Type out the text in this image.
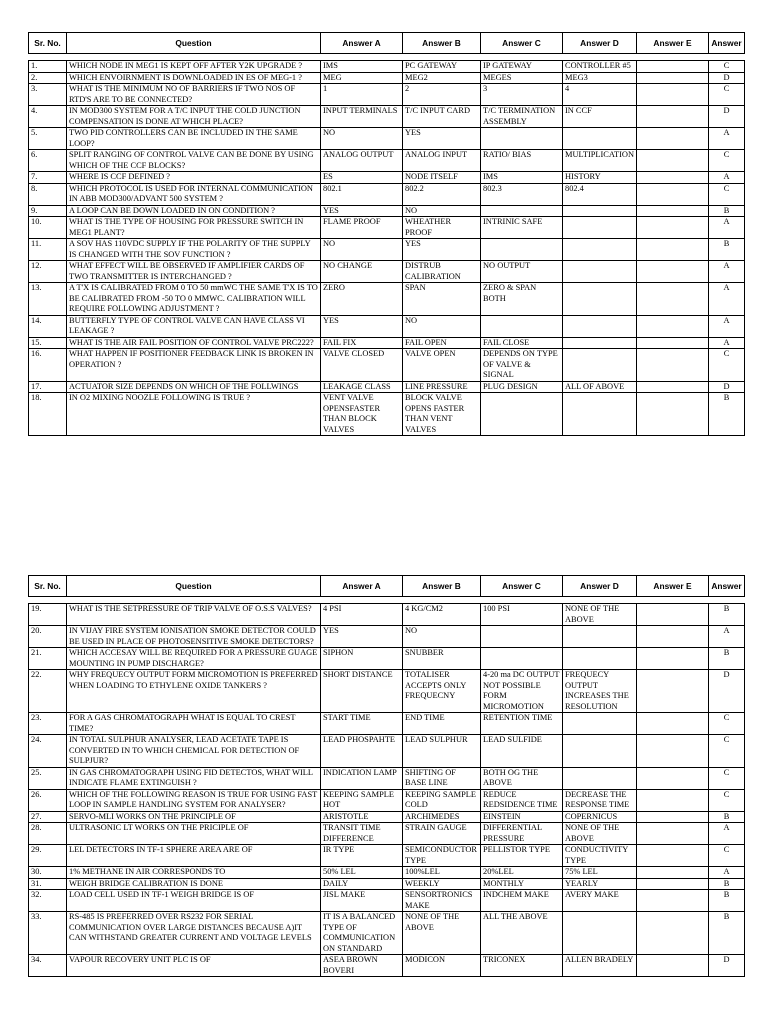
Sr. No.	Question	Answer A	Answer B	Answer C	Answer D	Answer E	Answer

1.	WHICH NODE IN MEG1 IS KEPT OFF AFTER Y2K UPGRADE ?	IMS	PC GATEWAY	IP GATEWAY	CONTROLLER #5		C
2.	WHICH ENVOIRNMENT IS DOWNLOADED IN ES OF MEG-1 ?	MEG	MEG2	MEGES	MEG3		D
3.	WHAT IS THE MINIMUM NO OF BARRIERS IF TWO NOS OF RTD'S ARE TO BE CONNECTED?	1	2	3	4		C
4.	IN MOD300 SYSTEM FOR A T/C INPUT THE COLD JUNCTION COMPENSATION IS DONE AT WHICH PLACE?	INPUT TERMINALS	T/C INPUT CARD	T/C TERMINATION ASSEMBLY	IN CCF		D
5.	TWO PID CONTROLLERS CAN BE INCLUDED IN THE SAME LOOP?	NO	YES				A
6.	SPLIT RANGING OF CONTROL VALVE CAN BE DONE BY USING WHICH OF THE CCF BLOCKS?	ANALOG OUTPUT	ANALOG INPUT	RATIO/ BIAS	MULTIPLICATION		C
7.	WHERE IS CCF DEFINED ?	ES	NODE ITSELF	IMS	HISTORY		A
8.	WHICH PROTOCOL IS USED FOR INTERNAL COMMUNICATION IN ABB MOD300/ADVANT 500 SYSTEM ?	802.1	802.2	802.3	802.4		C
9.	A LOOP CAN BE DOWN LOADED IN ON CONDITION ?	YES	NO				B
10.	WHAT IS THE TYPE OF HOUSING FOR PRESSURE SWITCH IN MEG1 PLANT?	FLAME PROOF	WHEATHER PROOF	INTRINIC SAFE			A
11.	A SOV HAS 110VDC SUPPLY IF THE POLARITY OF THE SUPPLY IS CHANGED WITH THE SOV FUNCTION ?	NO	YES				B
12.	WHAT EFFECT WILL BE OBSERVED IF AMPLIFIER CARDS OF TWO TRANSMITTER IS INTERCHANGED ?	NO CHANGE	DISTRUB CALIBRATION	NO OUTPUT			A
13.	A T'X IS CALIBRATED FROM 0 TO 50 mmWC THE SAME T'X IS TO BE CALIBRATED FROM -50 TO 0 MMWC. CALIBRATION WILL REQUIRE FOLLOWING ADJUSTMENT ?	ZERO	SPAN	ZERO & SPAN BOTH			A
14.	BUTTERFLY TYPE OF CONTROL VALVE CAN HAVE CLASS VI LEAKAGE ?	YES	NO				A
15.	WHAT IS THE AIR FAIL POSITION OF CONTROL VALVE PRC222?	FAIL FIX	FAIL OPEN	FAIL CLOSE			A
16.	WHAT HAPPEN IF POSITIONER FEEDBACK LINK IS BROKEN IN OPERATION ?	VALVE CLOSED	VALVE OPEN	DEPENDS ON TYPE OF VALVE & SIGNAL			C
17.	ACTUATOR SIZE DEPENDS ON WHICH OF THE FOLLWINGS	LEAKAGE CLASS	LINE PRESSURE	PLUG DESIGN	ALL OF ABOVE		D
18.	IN O2 MIXING NOOZLE FOLLOWING IS TRUE ?	VENT VALVE OPENSFASTER THAN BLOCK VALVES	BLOCK VALVE OPENS FASTER THAN VENT VALVES				B
Sr. No.	Question	Answer A	Answer B	Answer C	Answer D	Answer E	Answer

19.	WHAT IS THE SETPRESSURE OF TRIP VALVE OF O.S.S VALVES?	4 PSI	4 KG/CM2	100 PSI	NONE OF THE ABOVE		B
20.	IN VIJAY FIRE SYSTEM IONISATION SMOKE DETECTOR COULD BE USED IN PLACE OF PHOTOSENSITIVE SMOKE DETECTORS?	YES	NO				A
21.	WHICH ACCESAY WILL BE REQUIRED FOR A PRESSURE GUAGE MOUNTING IN PUMP DISCHARGE?	SIPHON	SNUBBER				B
22.	WHY FREQUECY OUTPUT FORM MICROMOTION IS PREFERRED WHEN LOADING TO ETHYLENE OXIDE TANKERS ?	SHORT DISTANCE	TOTALISER ACCEPTS ONLY FREQUECNY	4-20 ma DC OUTPUT NOT POSSIBLE FORM MICROMOTION	FREQUECY OUTPUT INCREASES THE RESOLUTION		D
23.	FOR A GAS CHROMATOGRAPH WHAT IS EQUAL TO CREST TIME?	START TIME	END TIME	RETENTION TIME			C
24.	IN TOTAL SULPHUR ANALYSER, LEAD ACETATE TAPE IS CONVERTED IN TO WHICH CHEMICAL FOR DETECTION OF SULPJUR?	LEAD PHOSPAHTE	LEAD SULPHUR	LEAD SULFIDE			C
25.	IN GAS CHROMATOGRAPH USING FID DETECTOS, WHAT WILL INDICATE FLAME EXTINGUISH ?	INDICATION LAMP	SHIFTING OF BASE LINE	BOTH OG THE ABOVE			C
26.	WHICH OF THE FOLLOWING REASON IS TRUE FOR USING FAST LOOP IN SAMPLE HANDLING SYSTEM FOR ANALYSER?	KEEPING SAMPLE HOT	KEEPING SAMPLE COLD	REDUCE REDSIDENCE TIME	DECREASE THE RESPONSE TIME		C
27.	SERVO-MLI WORKS ON THE PRINCIPLE OF	ARISTOTLE	ARCHIMEDES	EINSTEIN	COPERNICUS		B
28.	ULTRASONIC LT WORKS ON THE PRICIPLE OF	TRANSIT TIME DIFFERENCE	STRAIN GAUGE	DIFFERENTIAL PRESSURE	NONE OF THE ABOVE		A
29.	LEL DETECTORS IN TF-1 SPHERE AREA ARE OF	IR TYPE	SEMICONDUCTOR TYPE	PELLISTOR TYPE	CONDUCTIVITY TYPE		C
30.	1% METHANE IN AIR CORRESPONDS TO	50% LEL	100%LEL	20%LEL	75% LEL		A
31.	WEIGH BRIDGE CALIBRATION IS DONE	DAILY	WEEKLY	MONTHLY	YEARLY		B
32.	LOAD CELL USED IN TF-1 WEIGH BRIDGE IS OF	JISL MAKE	SENSORTRONICS MAKE	INDCHEM MAKE	AVERY MAKE		B
33.	RS-485 IS PREFERRED OVER RS232 FOR SERIAL COMMUNICATION OVER LARGE DISTANCES BECAUSE A)IT CAN WITHSTAND GREATER CURRENT AND VOLTAGE LEVELS	IT IS A BALANCED TYPE OF COMMUNICATION ON STANDARD	NONE OF THE ABOVE	ALL THE ABOVE			B
34.	VAPOUR RECOVERY UNIT PLC IS OF	ASEA BROWN BOVERI	MODICON	TRICONEX	ALLEN BRADELY		D
